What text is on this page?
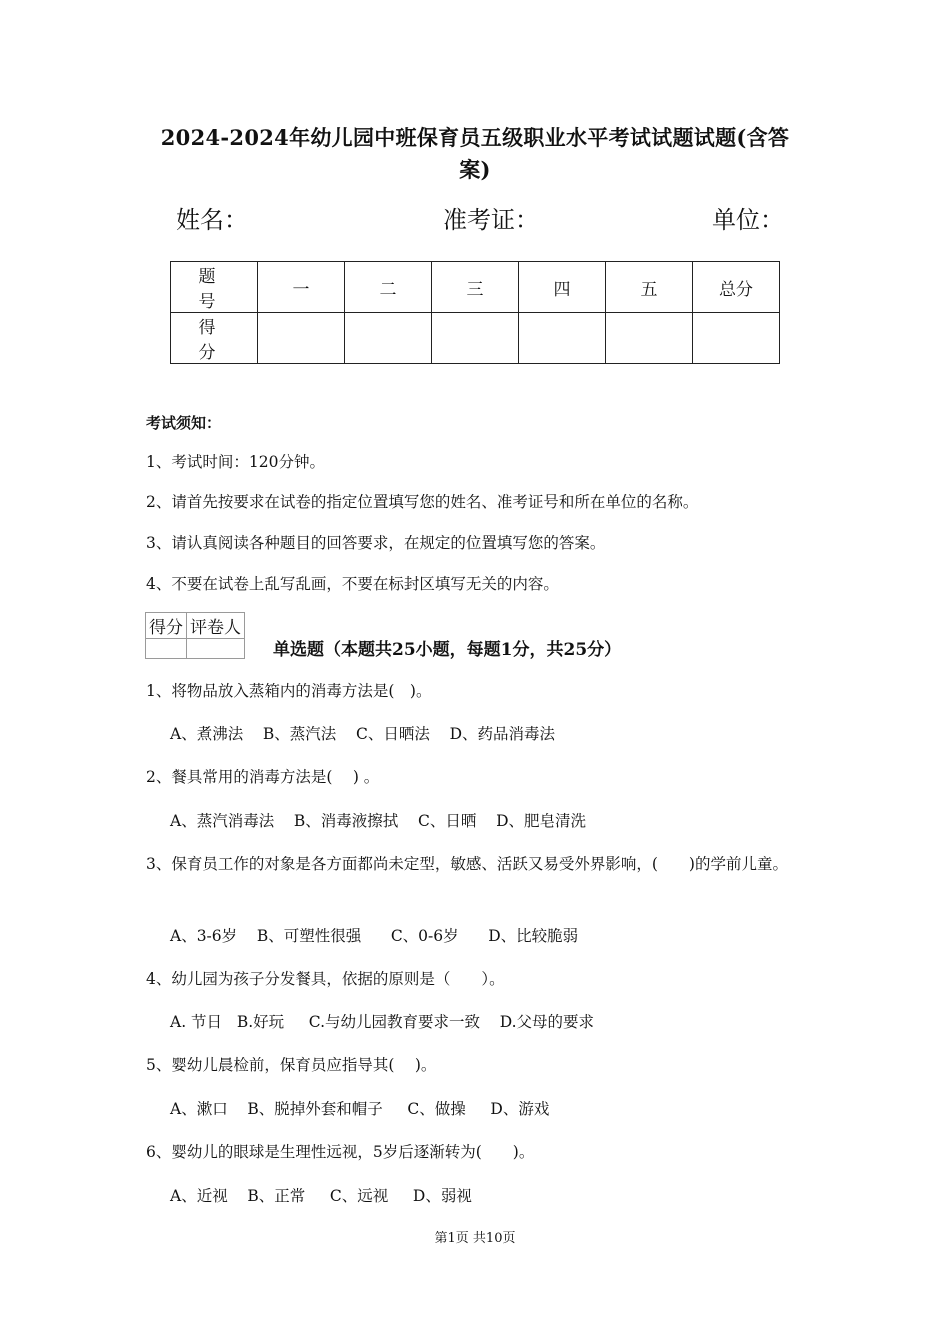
2024-2024年幼儿园中班保育员五级职业水平考试试题试题(含答案)
姓名：	准考证：	单位：
题　号	一	二	三	四	五	总分
得　分						
考试须知：
1、考试时间：120分钟。
2、请首先按要求在试卷的指定位置填写您的姓名、准考证号和所在单位的名称。
3、请认真阅读各种题目的回答要求，在规定的位置填写您的答案。
4、不要在试卷上乱写乱画，不要在标封区填写无关的内容。
得分	评卷人

单选题（本题共25小题，每题1分，共25分）
1、将物品放入蒸箱内的消毒方法是(　)。
A、煮沸法    B、蒸汽法    C、日晒法    D、药品消毒法
2、餐具常用的消毒方法是(　 ) 。
A、蒸汽消毒法    B、消毒液擦拭    C、日晒    D、肥皂清洗
3、保育员工作的对象是各方面都尚未定型，敏感、活跃又易受外界影响，(　　)的学前儿童。
A、3-6岁    B、可塑性很强      C、0-6岁      D、比较脆弱
4、幼儿园为孩子分发餐具，依据的原则是（　　）。
A. 节日   B.好玩     C.与幼儿园教育要求一致    D.父母的要求
5、婴幼儿晨检前，保育员应指导其(　 )。
A、漱口    B、脱掉外套和帽子     C、做操     D、游戏
6、婴幼儿的眼球是生理性远视，5岁后逐渐转为(　　)。
A、近视    B、正常     C、远视     D、弱视
第1页 共10页
